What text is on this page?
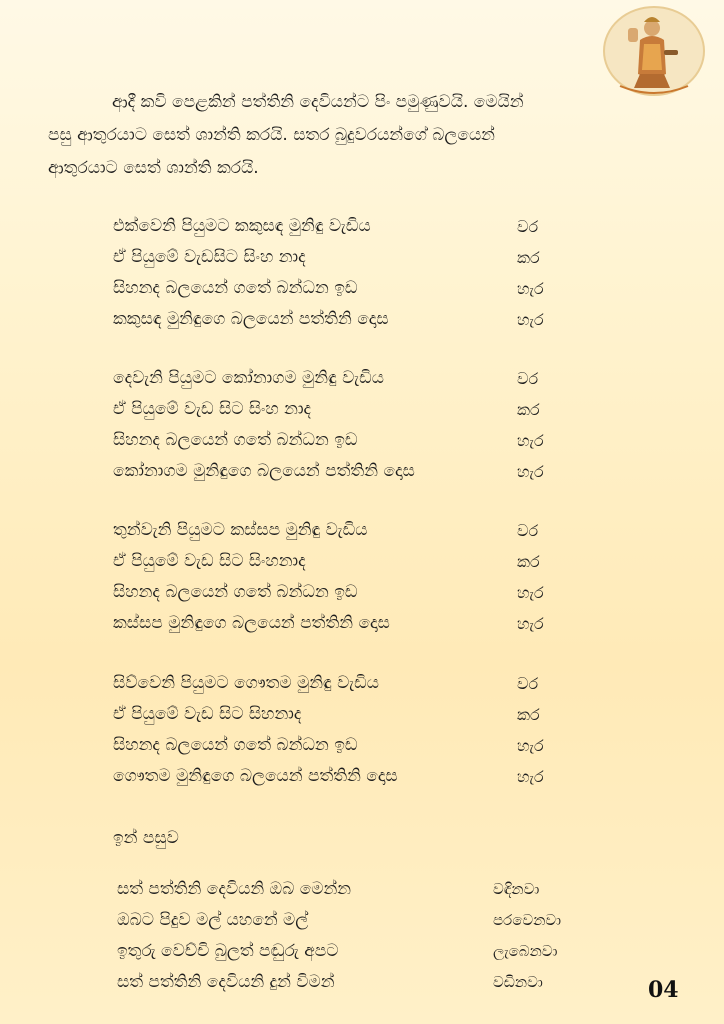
ආදී කවි පෙළකින් පත්තිනි දෙවියන්ට පිං පමුණුවයි. මෙයින්

පසු ආතුරයාට සෙත් ශාන්ති කරයි. සතර බුදුවරයන්ගේ බලයෙන්

ආතුරයාට සෙත් ශාන්ති කරයි.

එක්වෙනි පියුමට කකුසඳ මුනිඳු වැඩිය	වර
ඒ පියුමේ වැඩසිට සිංහ නාද	කර
සිහනද බලයෙන් ගතේ බන්ධන ඉඩ	හැර
කකුසඳ මුනිඳුගෙ බලයෙන් පත්තිනි දොස	හැර
දෙවැනි පියුමට කෝනාගම මුනිඳු වැඩිය	වර
ඒ පියුමේ වැඩ සිට සිංහ නාද	කර
සිහනද බලයෙන් ගතේ බන්ධන ඉඩ	හැර
කෝනාගම මුනිඳුගෙ බලයෙන් පත්තිනි දොස	හැර
තුන්වැනි පියුමට කස්සප මුනිඳු වැඩිය	වර
ඒ පියුමේ වැඩ සිට සිංහනාද	කර
සිහනද බලයෙන් ගතේ බන්ධන ඉඩ	හැර
කස්සප මුනිඳුගෙ බලයෙන් පත්තිනි දොස	හැර
සිව්වෙනි පියුමට ගෞතම මුනිඳු වැඩිය	වර
ඒ පියුමේ වැඩ සිට සිහනාද	කර
සිහනද බලයෙන් ගතේ බන්ධන ඉඩ	හැර
ගෞතම මුනිඳුගෙ බලයෙන් පත්තිනි දොස	හැර
ඉන් පසුව
සත් පත්තිනි දෙවියනි ඔබ මෙන්න	වඳිනවා
ඔබට පිදුව මල් යහනේ මල්	පරවෙනවා
ඉතුරු වෙච්චි බුලත් පඬුරු අපට	ලැබෙනවා
සත් පත්තිනි දෙවියනි දුන් විමන්	වඩිනවා	04
